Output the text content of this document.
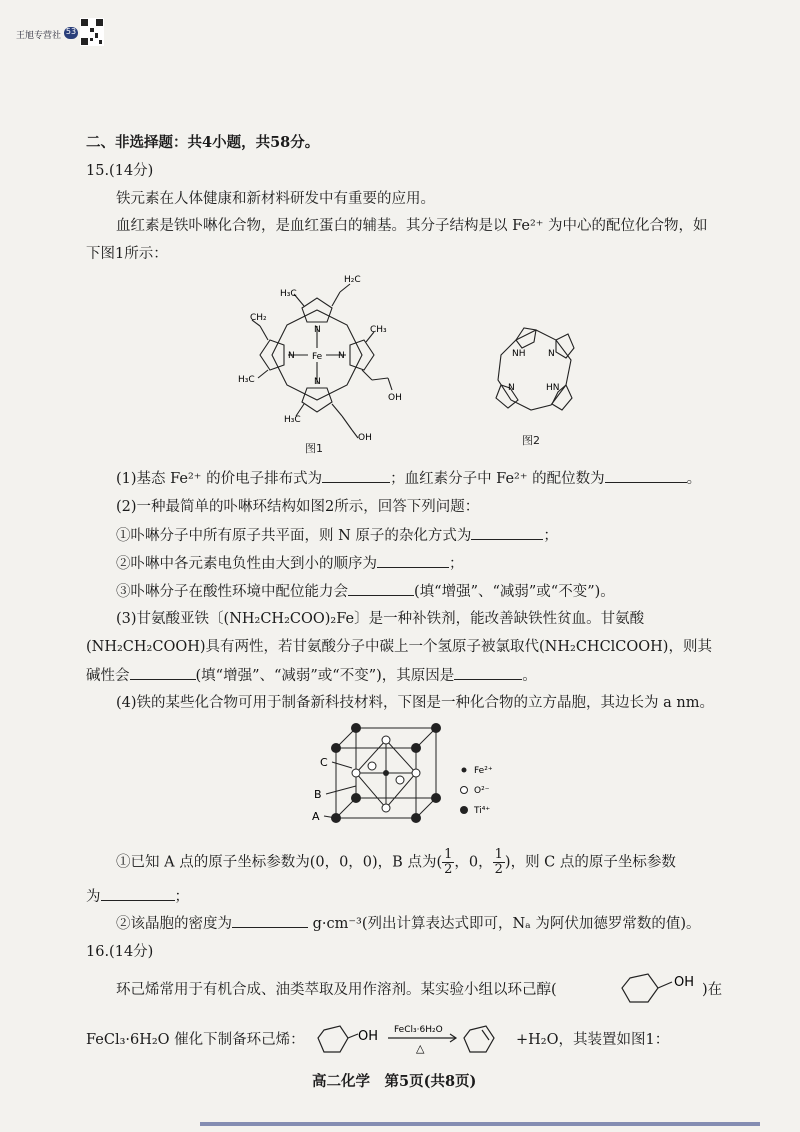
王旭专营社 53
二、非选择题：共4小题，共58分。
15.(14分)
铁元素在人体健康和新材料研发中有重要的应用。
血红素是铁卟啉化合物，是血红蛋白的辅基。其分子结构是以 Fe²⁺ 为中心的配位化合物，如
下图1所示：
Fe
N
N
N	N
H₃C
H₂C
CH₂
H₃C
CH₃
OH
H₃C
OH
图1
NH
HN
N
N
图2
(1)基态 Fe²⁺ 的价电子排布式为	；血红素分子中 Fe²⁺ 的配位数为	。
(2)一种最简单的卟啉环结构如图2所示，回答下列问题：
①卟啉分子中所有原子共平面，则 N 原子的杂化方式为	；
②卟啉中各元素电负性由大到小的顺序为	；
③卟啉分子在酸性环境中配位能力会	(填“增强”、“减弱”或“不变”)。
(3)甘氨酸亚铁〔(NH₂CH₂COO)₂Fe〕是一种补铁剂，能改善缺铁性贫血。甘氨酸
(NH₂CH₂COOH)具有两性，若甘氨酸分子中碳上一个氢原子被氯取代(NH₂CHClCOOH)，则其
碱性会	(填“增强”、“减弱”或“不变”)，其原因是	。
(4)铁的某些化合物可用于制备新科技材料，下图是一种化合物的立方晶胞，其边长为 a nm。
C
B
A
Fe²⁺
O²⁻
Ti⁴⁺
①已知 A 点的原子坐标参数为(0，0，0)，B 点为( $\frac{1}{2}$ ，0， $\frac{1}{2}$ )，则 C 点的原子坐标参数
为	；
②该晶胞的密度为	g·cm⁻³(列出计算表达式即可，Nₐ 为阿伏加德罗常数的值)。
16.(14分)
环己烯常用于有机合成、油类萃取及用作溶剂。某实验小组以环己醇(	OH )在
FeCl₃·6H₂O 催化下制备环己烯：	OH FeCl₃·6H₂O
△
+H₂O，其装置如图1：
高二化学　第5页(共8页)
